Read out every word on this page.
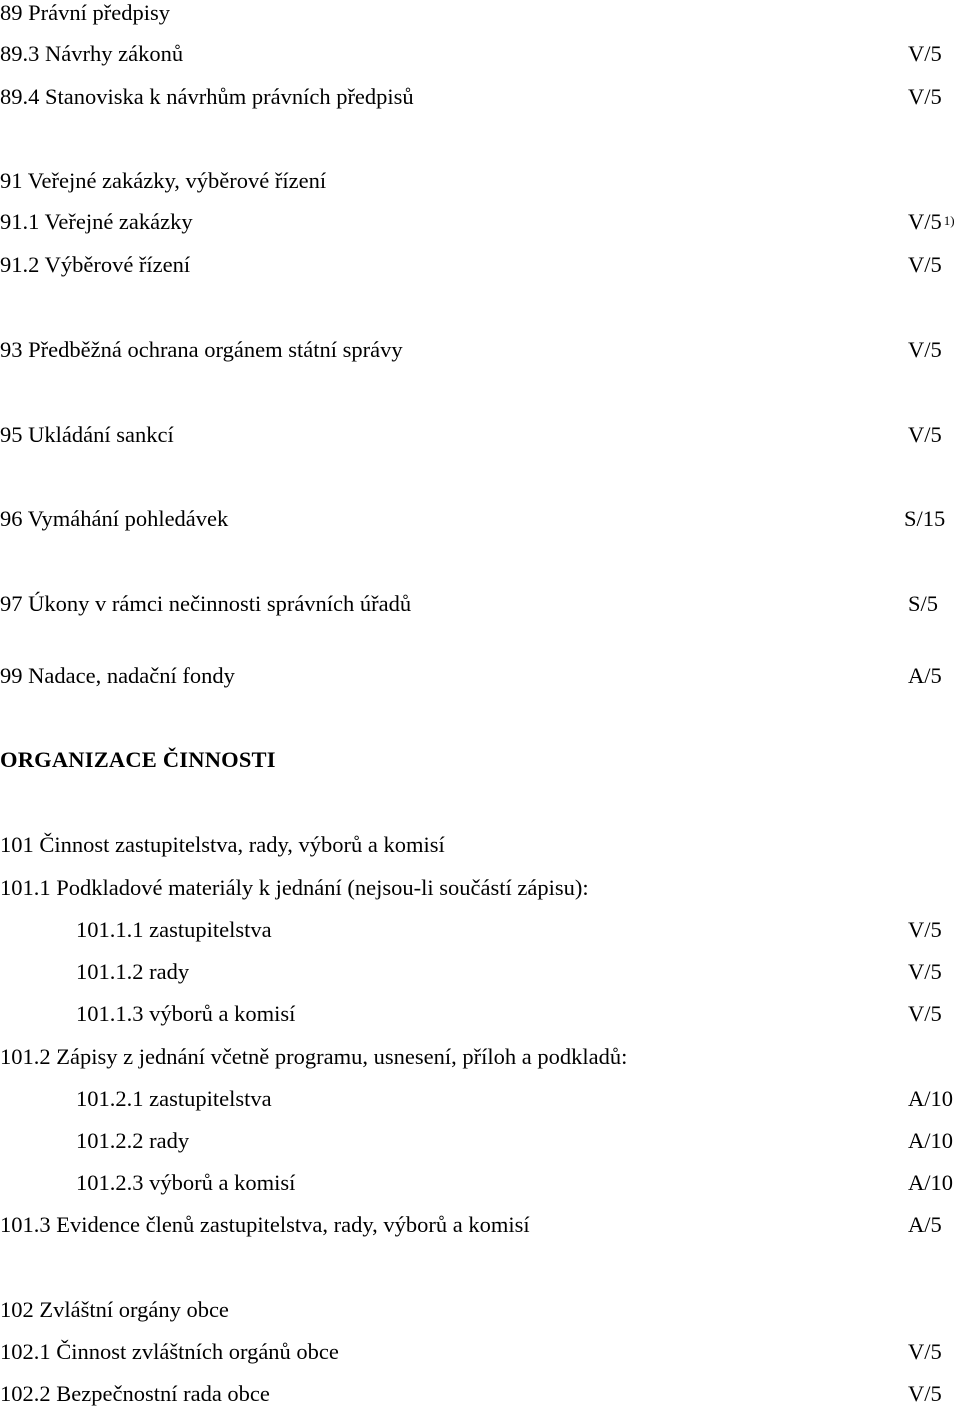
89 Právní předpisy
89.3 Návrhy zákonů	V/5
89.4 Stanoviska k návrhům právních předpisů	V/5
91 Veřejné zakázky, výběrové řízení
91.1 Veřejné zakázky	V/5 $^{1)}$
91.2 Výběrové řízení	V/5
93 Předběžná ochrana orgánem státní správy	V/5
95 Ukládání sankcí	V/5
96 Vymáhání pohledávek	S/15
97 Úkony v rámci nečinnosti správních úřadů	S/5
99 Nadace, nadační fondy	A/5
ORGANIZACE ČINNOSTI
101 Činnost zastupitelstva, rady, výborů a komisí
101.1 Podkladové materiály k jednání (nejsou-li součástí zápisu):
101.1.1 zastupitelstva	V/5
101.1.2 rady	V/5
101.1.3 výborů a komisí	V/5
101.2 Zápisy z jednání včetně programu, usnesení, příloh a podkladů:
101.2.1 zastupitelstva	A/10
101.2.2 rady	A/10
101.2.3 výborů a komisí	A/10
101.3 Evidence členů zastupitelstva, rady, výborů a komisí	A/5
102 Zvláštní orgány obce
102.1 Činnost zvláštních orgánů obce	V/5
102.2 Bezpečnostní rada obce	V/5
